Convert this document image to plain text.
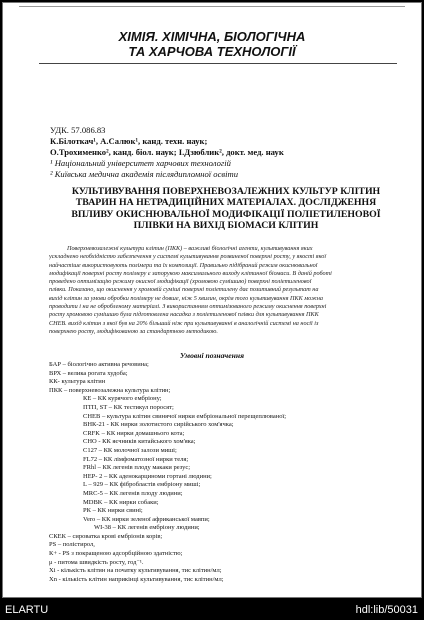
ХІМІЯ. ХІМІЧНА, БІОЛОГІЧНА
ТА ХАРЧОВА ТЕХНОЛОГІЇ
УДК. 57.086.83
К.Білоткач¹, А.Салюк¹, канд. техн. наук;
О.Трохименко², канд. біол. наук; І.Дзюблик², докт. мед. наук
¹ Національний університет харчових технологій
² Київська медична академія післядипломної освіти
КУЛЬТИВУВАННЯ ПОВЕРХНЕВОЗАЛЕЖНИХ КУЛЬТУР КЛІТИН
ТВАРИН НА НЕТРАДИЦІЙНИХ МАТЕРІАЛАХ. ДОСЛІДЖЕННЯ
ВПЛИВУ ОКИСНЮВАЛЬНОЇ МОДИФІКАЦІЇ ПОЛІЕТИЛЕНОВОЇ
ПЛІВКИ НА ВИХІД БІОМАСИ КЛІТИН
Поверхневозалежні культури клітин (ПКК) – важливі біологічні агенти, культивування яких
ускладнено необхідністю забезпечення у системі культивування розвиненої поверхні росту, у якості якої
найчастіше використовують полімери та їх композиції. Правильно підібраний режим окиснювальної
модифікації поверхні росту полімеру є запорукою максимального виходу клітинної біомаси. В даній роботі
проведено оптимізацію режиму окисної модифікації (хромовою сумішшю) поверхні поліетиленової
плівки. Показано, що окиснення у хромовій суміші поверхні поліетилену дає позитивний результат на
вихід клітин за умови обробки полімеру не довше, ніж 5 хвилин, окрім того культивування ПКК можна
проводити і на не обробленому матеріалі. З використанням оптимізованого режиму окиснення поверхні
росту хромовою сумішшю була підготовлена насадка з поліетиленової плівки для культивування ПКК
СНЕВ. вихід клітин з якої був на 20% більший ніж при культивуванні в аналогічній системі на носії із
поверхнею росту, модифікованою за стандартною методикою.
Умовні позначення
БАР – біологічно активна речовина;
ВРХ – велика рогата худоба;
КК- культура клітин
ПКК – поверхневозалежна культура клітин;
КЕ – КК курячого ембріону;
ПТП, ST – КК тестикул поросят;
СНЕВ – культура клітин свинячої нирки ембріональної перещеплюваної;
ВНК-21 - КК нирки золотистого сирійського хом'ячка;
CRFK – КК нирки домашнього кота;
СНО - КК яєчників китайського хом'яка;
С127 – КК молочної залози миші;
FL72 – КК лімфоматозної нирки теля;
FRhl – КК легенів плоду макаки резус;
НЕР- 2 – КК аденокарциноми гортані людини;
L – 929 – КК фібробластів ембріону миші;
MRC-5 – КК легенів плоду людини;
MDBK – КК нирки собаки;
РК – КК нирки свині;
Vero – КК нирки зеленої африканської мавпи;
WI-38 – КК легенів ембріону людини;
СКЕК – сироватка крові ембріонів корів;
PS – полістирол,
К+ - PS з покращеною адсорбційною здатністю;
μ - питома швидкість росту, год⁻¹.
Xi - кількість клітин на початку культивування, тис клітин/мл;
Xn - кількість клітин наприкінці культивування, тис клітин/мл;
ELARTU	hdl:lib/50031
